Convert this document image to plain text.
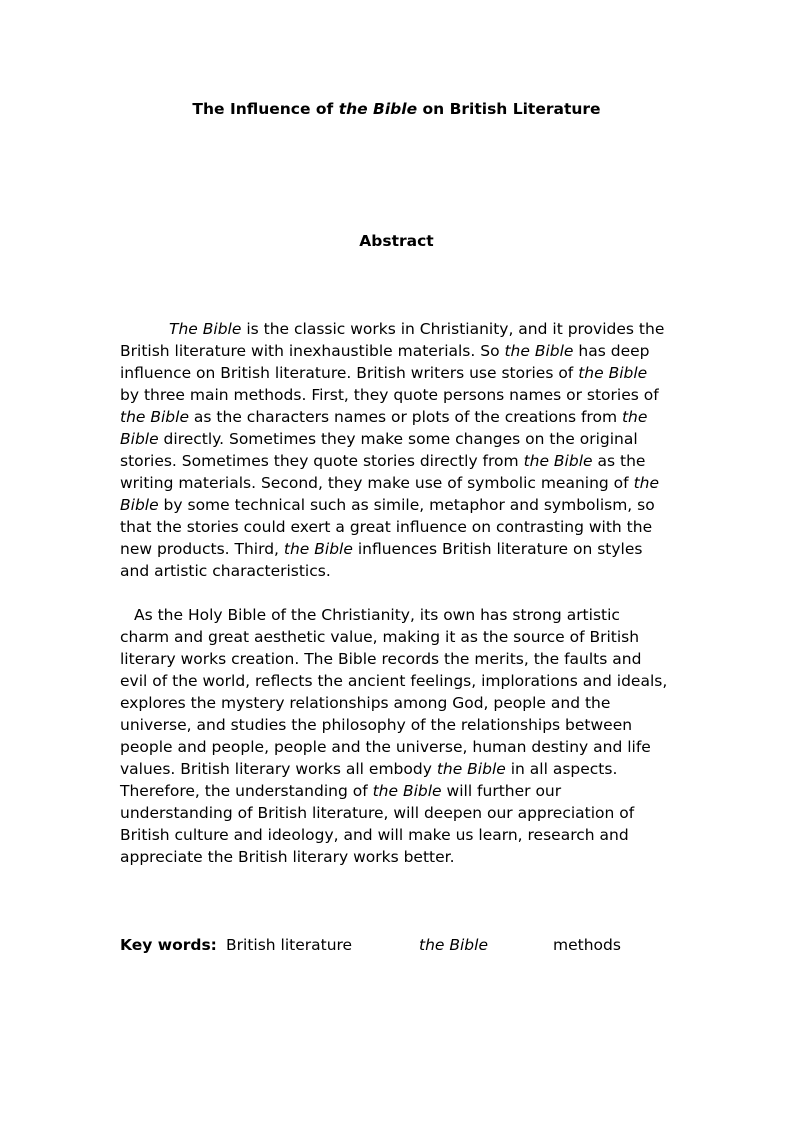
The Influence of the Bible on British Literature
Abstract
The Bible is the classic works in Christianity, and it provides the
British literature with inexhaustible materials. So the Bible has deep
influence on British literature. British writers use stories of the Bible
by three main methods. First, they quote persons names or stories of
the Bible as the characters names or plots of the creations from the
Bible directly. Sometimes they make some changes on the original
stories. Sometimes they quote stories directly from the Bible as the
writing materials. Second, they make use of symbolic meaning of the
Bible by some technical such as simile, metaphor and symbolism, so
that the stories could exert a great influence on contrasting with the
new products. Third, the Bible influences British literature on styles
and artistic characteristics.
As the Holy Bible of the Christianity, its own has strong artistic
charm and great aesthetic value, making it as the source of British
literary works creation. The Bible records the merits, the faults and
evil of the world, reflects the ancient feelings, implorations and ideals,
explores the mystery relationships among God, people and the
universe, and studies the philosophy of the relationships between
people and people, people and the universe, human destiny and life
values. British literary works all embody the Bible in all aspects.
Therefore, the understanding of the Bible will further our
understanding of British literature, will deepen our appreciation of
British culture and ideology, and will make us learn, research and
appreciate the British literary works better.
Key words: British literature	the Bible	methods
